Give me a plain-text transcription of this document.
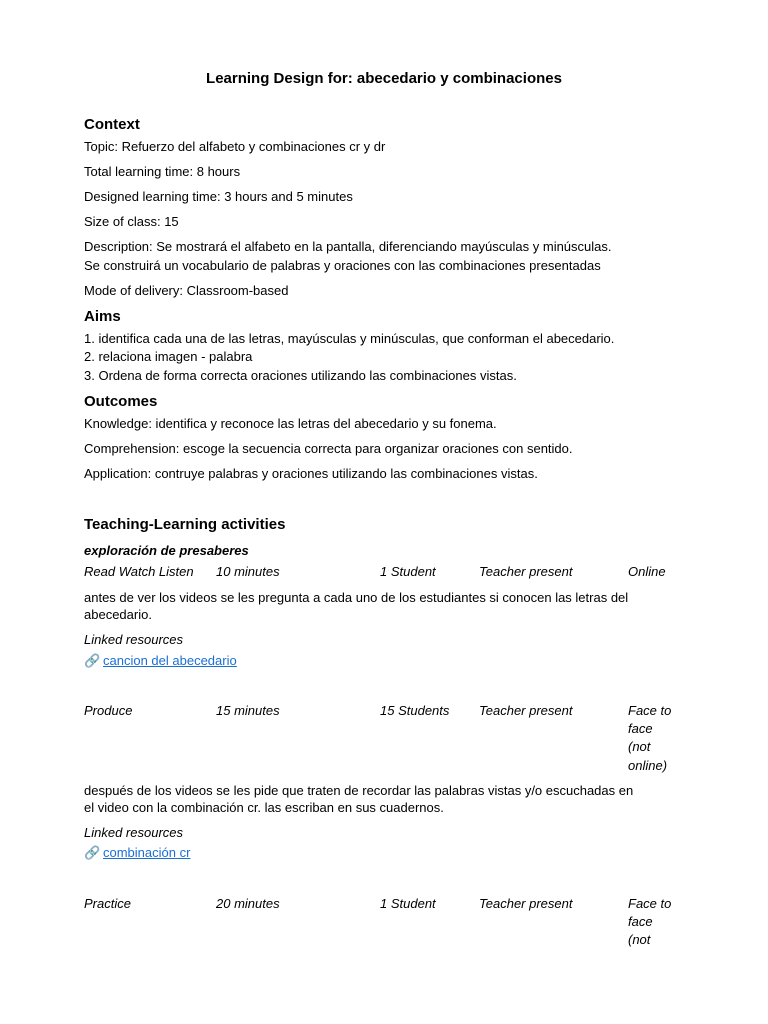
Learning Design for: abecedario y combinaciones
Context
Topic: Refuerzo del alfabeto y combinaciones cr y dr
Total learning time: 8 hours
Designed learning time: 3 hours and 5 minutes
Size of class: 15
Description: Se mostrará el alfabeto en la pantalla, diferenciando mayúsculas y minúsculas.
Se construirá un vocabulario de palabras y oraciones con las combinaciones presentadas
Mode of delivery: Classroom-based
Aims
1. identifica cada una de las letras, mayúsculas y minúsculas, que conforman el abecedario.
2. relaciona imagen - palabra
3. Ordena de forma correcta oraciones utilizando las combinaciones vistas.
Outcomes
Knowledge: identifica y reconoce las letras del abecedario y su fonema.
Comprehension: escoge la secuencia correcta para organizar oraciones con sentido.
Application: contruye palabras y oraciones utilizando las combinaciones vistas.
Teaching-Learning activities
exploración de presaberes
Read Watch Listen 10 minutes	1 Student	Teacher present	Online
antes de ver los videos se les pregunta a cada uno de los estudiantes si conocen las letras del
abecedario.
Linked resources
🔗 cancion del abecedario
Produce	15 minutes	15 Students Teacher present	Face to
face
(not
online)
después de los videos se les pide que traten de recordar las palabras vistas y/o escuchadas en
el video con la combinación cr. las escriban en sus cuadernos.
Linked resources
🔗 combinación cr
Practice	20 minutes	1 Student	Teacher present	Face to
face
(not
